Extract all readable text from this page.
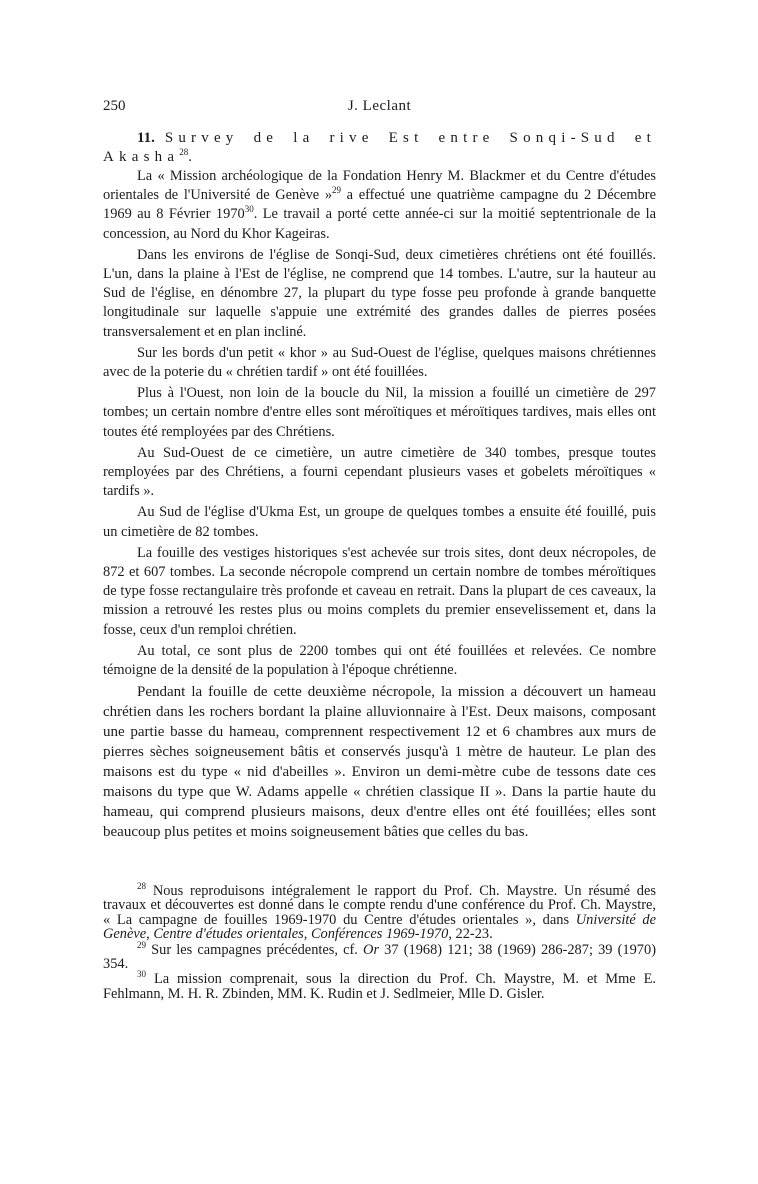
250	J. Leclant

11. Survey de la rive Est entre Sonqi-Sud et Akasha$^{28}$.

La « Mission archéologique de la Fondation Henry M. Blackmer et du Centre d'études orientales de l'Université de Genève »$^{29}$ a effectué une quatrième campagne du 2 Décembre 1969 au 8 Février 1970$^{30}$. Le travail a porté cette année-ci sur la moitié septentrionale de la concession, au Nord du Khor Kageiras.

Dans les environs de l'église de Sonqi-Sud, deux cimetières chrétiens ont été fouillés. L'un, dans la plaine à l'Est de l'église, ne comprend que 14 tombes. L'autre, sur la hauteur au Sud de l'église, en dénombre 27, la plupart du type fosse peu profonde à grande banquette longitudinale sur laquelle s'appuie une extrémité des grandes dalles de pierres posées transversalement et en plan incliné.

Sur les bords d'un petit « khor » au Sud-Ouest de l'église, quelques maisons chrétiennes avec de la poterie du « chrétien tardif » ont été fouillées.

Plus à l'Ouest, non loin de la boucle du Nil, la mission a fouillé un cimetière de 297 tombes; un certain nombre d'entre elles sont méroïtiques et méroïtiques tardives, mais elles ont toutes été remployées par des Chrétiens.

Au Sud-Ouest de ce cimetière, un autre cimetière de 340 tombes, presque toutes remployées par des Chrétiens, a fourni cependant plusieurs vases et gobelets méroïtiques « tardifs ».

Au Sud de l'église d'Ukma Est, un groupe de quelques tombes a ensuite été fouillé, puis un cimetière de 82 tombes.

La fouille des vestiges historiques s'est achevée sur trois sites, dont deux nécropoles, de 872 et 607 tombes. La seconde nécropole comprend un certain nombre de tombes méroïtiques de type fosse rectangulaire très profonde et caveau en retrait. Dans la plupart de ces caveaux, la mission a retrouvé les restes plus ou moins complets du premier ensevelissement et, dans la fosse, ceux d'un remploi chrétien.

Au total, ce sont plus de 2200 tombes qui ont été fouillées et relevées. Ce nombre témoigne de la densité de la population à l'époque chrétienne.

Pendant la fouille de cette deuxième nécropole, la mission a découvert un hameau chrétien dans les rochers bordant la plaine alluvionnaire à l'Est. Deux maisons, composant une partie basse du hameau, comprennent respectivement 12 et 6 chambres aux murs de pierres sèches soigneusement bâtis et conservés jusqu'à 1 mètre de hauteur. Le plan des maisons est du type « nid d'abeilles ». Environ un demi-mètre cube de tessons date ces maisons du type que W. Adams appelle « chrétien classique II ». Dans la partie haute du hameau, qui comprend plusieurs maisons, deux d'entre elles ont été fouillées; elles sont beaucoup plus petites et moins soigneusement bâties que celles du bas.

$^{28}$ Nous reproduisons intégralement le rapport du Prof. Ch. Maystre. Un résumé des travaux et découvertes est donné dans le compte rendu d'une conférence du Prof. Ch. Maystre, « La campagne de fouilles 1969-1970 du Centre d'études orientales », dans Université de Genève, Centre d'études orientales, Conférences 1969-1970, 22-23.

$^{29}$ Sur les campagnes précédentes, cf. Or 37 (1968) 121; 38 (1969) 286-287; 39 (1970) 354.

$^{30}$ La mission comprenait, sous la direction du Prof. Ch. Maystre, M. et Mme E. Fehlmann, M. H. R. Zbinden, MM. K. Rudin et J. Sedlmeier, Mlle D. Gisler.
